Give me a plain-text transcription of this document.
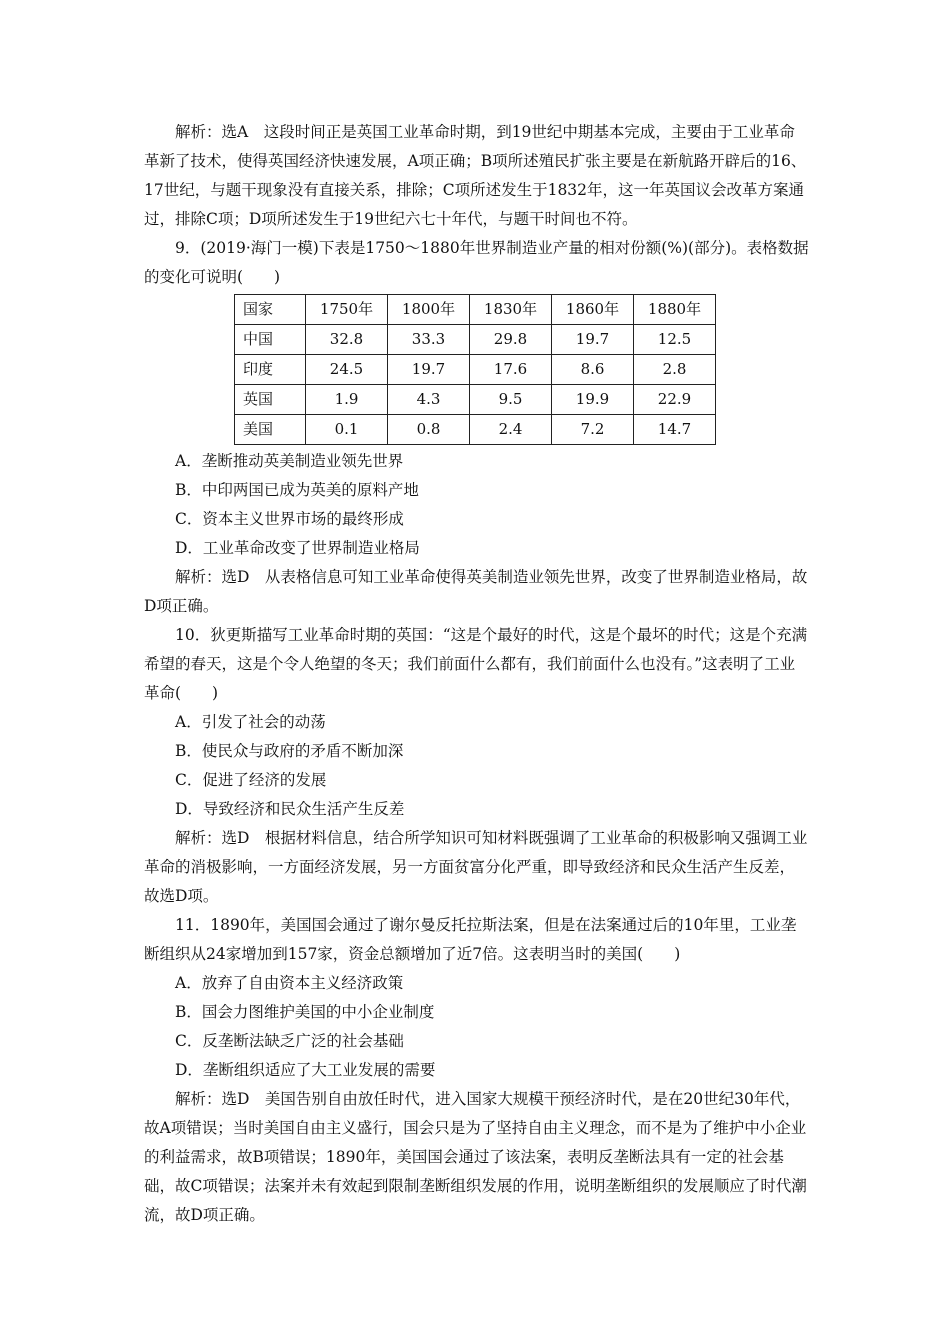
解析：选A　这段时间正是英国工业革命时期，到19世纪中期基本完成，主要由于工业革命革新了技术，使得英国经济快速发展，A项正确；B项所述殖民扩张主要是在新航路开辟后的16、17世纪，与题干现象没有直接关系，排除；C项所述发生于1832年，这一年英国议会改革方案通过，排除C项；D项所述发生于19世纪六七十年代，与题干时间也不符。

9．(2019·海门一模)下表是1750～1880年世界制造业产量的相对份额(%)(部分)。表格数据的变化可说明(　　)

国家	1750年	1800年	1830年	1860年	1880年
中国	32.8	33.3	29.8	19.7	12.5
印度	24.5	19.7	17.6	8.6	2.8
英国	1.9	4.3	9.5	19.9	22.9
美国	0.1	0.8	2.4	7.2	14.7

A．垄断推动英美制造业领先世界

B．中印两国已成为英美的原料产地

C．资本主义世界市场的最终形成

D．工业革命改变了世界制造业格局

解析：选D　从表格信息可知工业革命使得英美制造业领先世界，改变了世界制造业格局，故D项正确。

10．狄更斯描写工业革命时期的英国：“这是个最好的时代，这是个最坏的时代；这是个充满希望的春天，这是个令人绝望的冬天；我们前面什么都有，我们前面什么也没有。”这表明了工业革命(　　)

A．引发了社会的动荡

B．使民众与政府的矛盾不断加深

C．促进了经济的发展

D．导致经济和民众生活产生反差

解析：选D　根据材料信息，结合所学知识可知材料既强调了工业革命的积极影响又强调工业革命的消极影响，一方面经济发展，另一方面贫富分化严重，即导致经济和民众生活产生反差，故选D项。

11．1890年，美国国会通过了谢尔曼反托拉斯法案，但是在法案通过后的10年里，工业垄断组织从24家增加到157家，资金总额增加了近7倍。这表明当时的美国(　　)

A．放弃了自由资本主义经济政策

B．国会力图维护美国的中小企业制度

C．反垄断法缺乏广泛的社会基础

D．垄断组织适应了大工业发展的需要

解析：选D　美国告别自由放任时代，进入国家大规模干预经济时代，是在20世纪30年代，故A项错误；当时美国自由主义盛行，国会只是为了坚持自由主义理念，而不是为了维护中小企业的利益需求，故B项错误；1890年，美国国会通过了该法案，表明反垄断法具有一定的社会基础，故C项错误；法案并未有效起到限制垄断组织发展的作用，说明垄断组织的发展顺应了时代潮流，故D项正确。
